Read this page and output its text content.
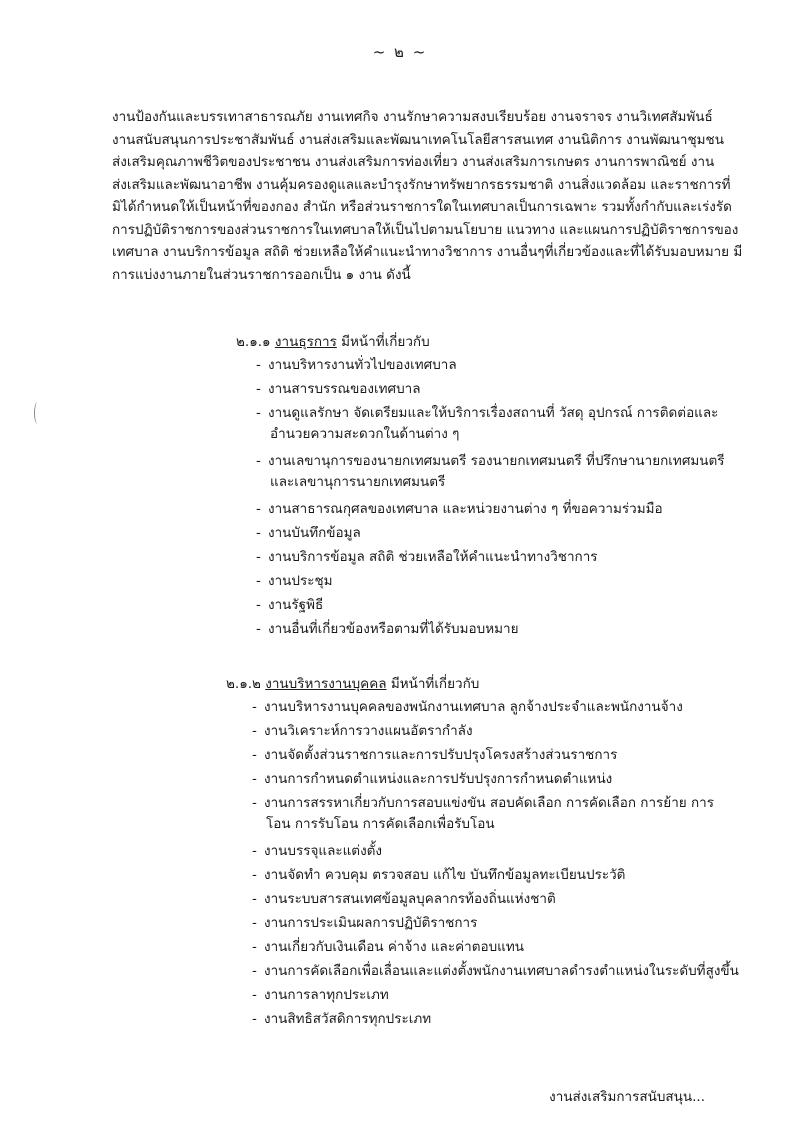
~ ๒ ~
งานป้องกันและบรรเทาสาธารณภัย งานเทศกิจ งานรักษาความสงบเรียบร้อย งานจราจร งานวิเทศสัมพันธ์
งานสนับสนุนการประชาสัมพันธ์ งานส่งเสริมและพัฒนาเทคโนโลยีสารสนเทศ งานนิติการ งานพัฒนาชุมชน
ส่งเสริมคุณภาพชีวิตของประชาชน งานส่งเสริมการท่องเที่ยว งานส่งเสริมการเกษตร งานการพาณิชย์ งาน
ส่งเสริมและพัฒนาอาชีพ งานคุ้มครองดูแลและบำรุงรักษาทรัพยากรธรรมชาติ งานสิ่งแวดล้อม และราชการที่
มิได้กำหนดให้เป็นหน้าที่ของกอง สำนัก หรือส่วนราชการใดในเทศบาลเป็นการเฉพาะ รวมทั้งกำกับและเร่งรัด
การปฏิบัติราชการของส่วนราชการในเทศบาลให้เป็นไปตามนโยบาย แนวทาง และแผนการปฏิบัติราชการของ
เทศบาล งานบริการข้อมูล สถิติ ช่วยเหลือให้คำแนะนำทางวิชาการ งานอื่นๆที่เกี่ยวข้องและที่ได้รับมอบหมาย มี
การแบ่งงานภายในส่วนราชการออกเป็น ๑ งาน ดังนี้
๒.๑.๑ งานธุรการ มีหน้าที่เกี่ยวกับ
- งานบริหารงานทั่วไปของเทศบาล
- งานสารบรรณของเทศบาล
- งานดูแลรักษา จัดเตรียมและให้บริการเรื่องสถานที่ วัสดุ อุปกรณ์ การติดต่อและ
อำนวยความสะดวกในด้านต่าง ๆ
- งานเลขานุการของนายกเทศมนตรี รองนายกเทศมนตรี ที่ปรึกษานายกเทศมนตรี
และเลขานุการนายกเทศมนตรี
- งานสาธารณกุศลของเทศบาล และหน่วยงานต่าง ๆ ที่ขอความร่วมมือ
- งานบันทึกข้อมูล
- งานบริการข้อมูล สถิติ ช่วยเหลือให้คำแนะนำทางวิชาการ
- งานประชุม
- งานรัฐพิธี
- งานอื่นที่เกี่ยวข้องหรือตามที่ได้รับมอบหมาย
๒.๑.๒ งานบริหารงานบุคคล มีหน้าที่เกี่ยวกับ
- งานบริหารงานบุคคลของพนักงานเทศบาล ลูกจ้างประจำและพนักงานจ้าง
- งานวิเคราะห์การวางแผนอัตรากำลัง
- งานจัดตั้งส่วนราชการและการปรับปรุงโครงสร้างส่วนราชการ
- งานการกำหนดตำแหน่งและการปรับปรุงการกำหนดตำแหน่ง
- งานการสรรหาเกี่ยวกับการสอบแข่งขัน สอบคัดเลือก การคัดเลือก การย้าย การ
โอน การรับโอน การคัดเลือกเพื่อรับโอน
- งานบรรจุและแต่งตั้ง
- งานจัดทำ ควบคุม ตรวจสอบ แก้ไข บันทึกข้อมูลทะเบียนประวัติ
- งานระบบสารสนเทศข้อมูลบุคลากรท้องถิ่นแห่งชาติ
- งานการประเมินผลการปฏิบัติราชการ
- งานเกี่ยวกับเงินเดือน ค่าจ้าง และค่าตอบแทน
- งานการคัดเลือกเพื่อเลื่อนและแต่งตั้งพนักงานเทศบาลดำรงตำแหน่งในระดับที่สูงขึ้น
- งานการลาทุกประเภท
- งานสิทธิสวัสดิการทุกประเภท
งานส่งเสริมการสนับสนุน...
